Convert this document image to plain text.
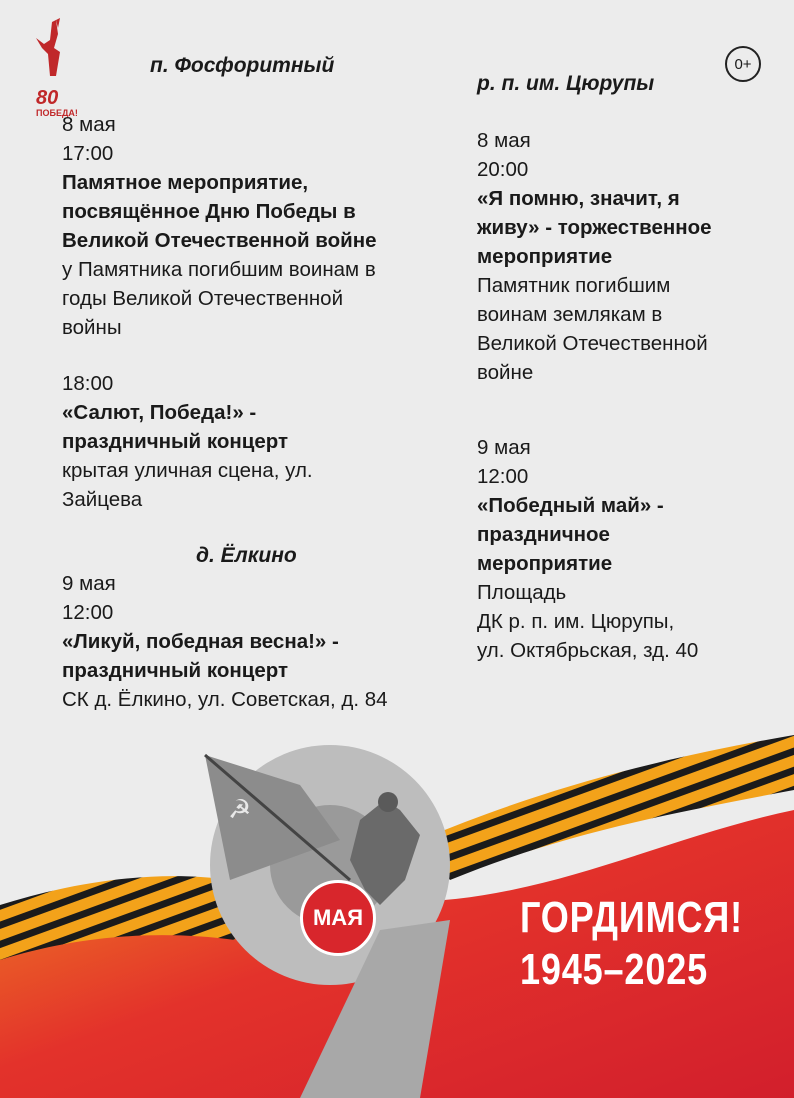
80
ПОБЕДА!
0+
п. Фосфоритный
8 мая
17:00
Памятное мероприятие,
посвящённое Дню Победы в
Великой Отечественной войне
у Памятника погибшим воинам в
годы Великой Отечественной
войны
18:00
«Салют, Победа!» -
праздничный концерт
крытая уличная сцена, ул.
Зайцева
д. Ёлкино
9 мая
12:00
«Ликуй, победная весна!» -
праздничный концерт
СК д. Ёлкино, ул. Советская, д. 84
р. п. им. Цюрупы
8 мая
20:00
«Я помню, значит, я
живу» - торжественное
мероприятие
Памятник погибшим
воинам землякам в
Великой Отечественной
войне
9 мая
12:00
«Победный май» -
праздничное
мероприятие
Площадь
ДК р. п. им. Цюрупы,
ул. Октябрьская, зд. 40
☭
МАЯ	ГОРДИМСЯ!
1945–2025
